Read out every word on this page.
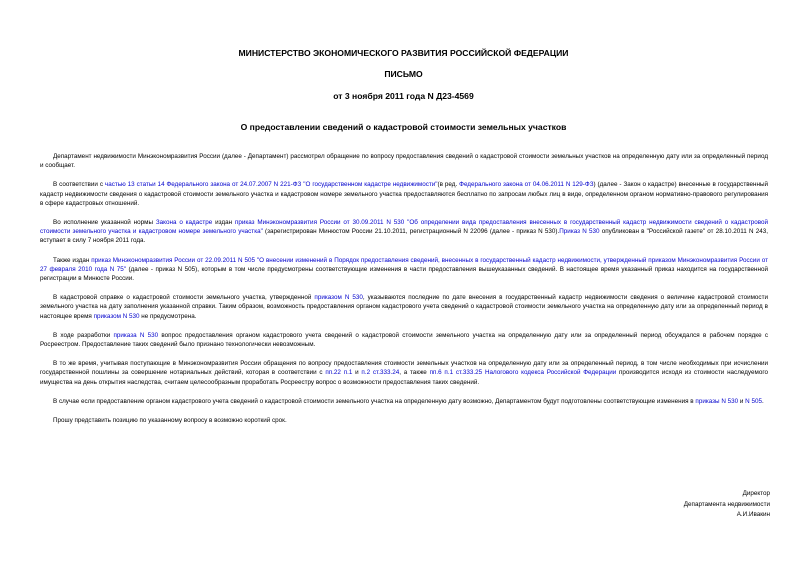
МИНИСТЕРСТВО ЭКОНОМИЧЕСКОГО РАЗВИТИЯ РОССИЙСКОЙ ФЕДЕРАЦИИ
ПИСЬМО
от 3 ноября 2011 года N Д23-4569
О предоставлении сведений о кадастровой стоимости земельных участков

Департамент недвижимости Минэкономразвития России (далее - Департамент) рассмотрел обращение по вопросу предоставления сведений о кадастровой стоимости земельных участков на определенную дату или за определенный период и сообщает.

В соответствии с частью 13 статьи 14 Федерального закона от 24.07.2007 N 221-ФЗ "О государственном кадастре недвижимости"(в ред. Федерального закона от 04.06.2011 N 129-ФЗ) (далее - Закон о кадастре) внесенные в государственный кадастр недвижимости сведения о кадастровой стоимости земельного участка и кадастровом номере земельного участка предоставляются бесплатно по запросам любых лиц в виде, определенном органом нормативно-правового регулирования в сфере кадастровых отношений.

Во исполнение указанной нормы Закона о кадастре издан приказ Минэкономразвития России от 30.09.2011 N 530 "Об определении вида предоставления внесенных в государственный кадастр недвижимости сведений о кадастровой стоимости земельного участка и кадастровом номере земельного участка" (зарегистрирован Минюстом России 21.10.2011, регистрационный N 22096 (далее - приказ N 530).Приказ N 530 опубликован в "Российской газете" от 28.10.2011 N 243, вступает в силу 7 ноября 2011 года.

Также издан приказ Минэкономразвития России от 22.09.2011 N 505 "О внесении изменений в Порядок предоставления сведений, внесенных в государственный кадастр недвижимости, утвержденный приказом Минэкономразвития России от 27 февраля 2010 года N 75" (далее - приказ N 505), которым в том числе предусмотрены соответствующие изменения в части предоставления вышеуказанных сведений. В настоящее время указанный приказ находится на государственной регистрации в Минюсте России.

В кадастровой справке о кадастровой стоимости земельного участка, утвержденной приказом N 530, указываются последние по дате внесения в государственный кадастр недвижимости сведения о величине кадастровой стоимости земельного участка на дату заполнения указанной справки. Таким образом, возможность предоставления органом кадастрового учета сведений о кадастровой стоимости земельного участка на определенную дату или за определенный период в настоящее время приказом N 530 не предусмотрена.

В ходе разработки приказа N 530 вопрос предоставления органом кадастрового учета сведений о кадастровой стоимости земельного участка на определенную дату или за определенный период обсуждался в рабочем порядке с Росреестром. Предоставление таких сведений было признано технологически невозможным.

В то же время, учитывая поступающие в Минэкономразвития России обращения по вопросу предоставления стоимости земельных участков на определенную дату или за определенный период, в том числе необходимых при исчислении государственной пошлины за совершение нотариальных действий, которая в соответствии с пп.22 п.1 и п.2 ст.333.24, а также пп.6 п.1 ст.333.25 Налогового кодекса Российской Федерации производится исходя из стоимости наследуемого имущества на день открытия наследства, считаем целесообразным проработать Росреестру вопрос о возможности предоставления таких сведений.

В случае если предоставление органом кадастрового учета сведений о кадастровой стоимости земельного участка на определенную дату возможно, Департаментом будут подготовлены соответствующие изменения в приказы N 530 и N 505.

Прошу представить позицию по указанному вопросу в возможно короткий срок.

Директор
Департамента недвижимости
А.И.Ивакин
